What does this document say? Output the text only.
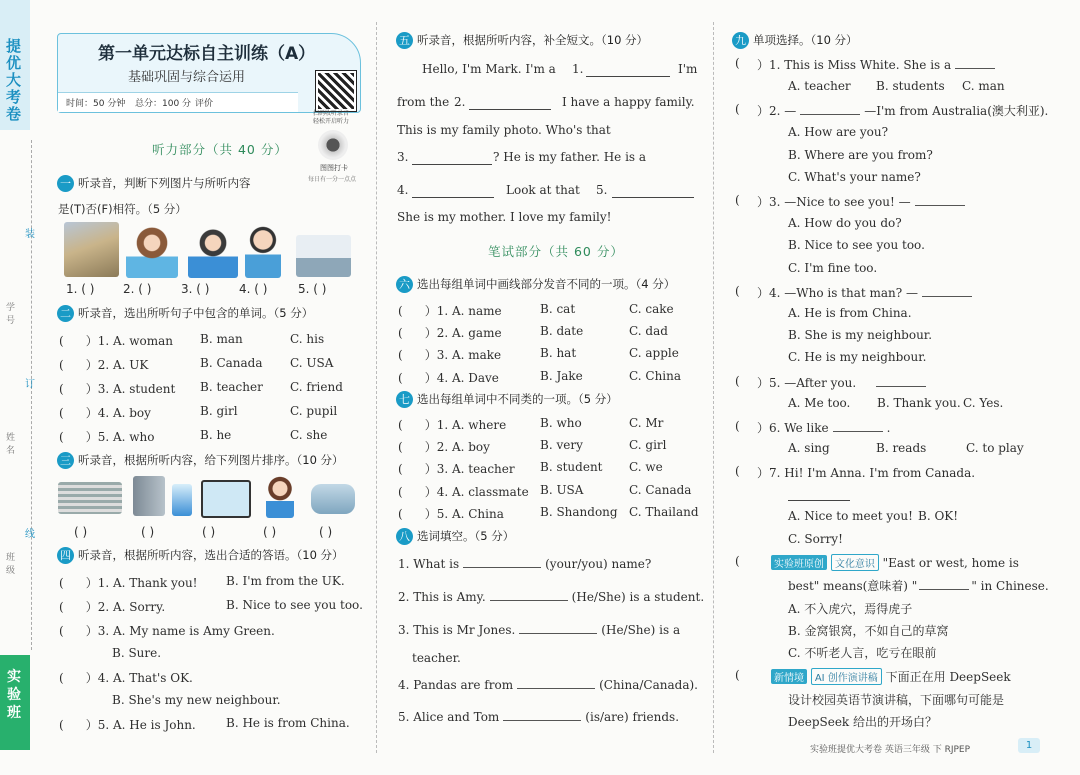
提优大考卷
实验班
学号
姓名
班级
装
订
线
第一单元达标自主训练（A）
基础巩固与综合运用
时间：50 分钟 总分：100 分 评价
扫码收听录音
轻松开启听力
图图打卡
每日有一分一点点
听力部分（共 40 分）
一 听录音，判断下列图片与所听内容
是(T)否(F)相符。（5 分）
1. ( ) 2. ( ) 3. ( ) 4. ( )	5. ( )
二 听录音，选出所听句子中包含的单词。（5 分）
( ）1. A. woman B. man	C. his
( ）2. A. UK	B. Canada C. USA
( ）3. A. student B. teacher C. friend
( ）4. A. boy	B. girl	C. pupil
( ）5. A. who	B. he	C. she
三 听录音，根据所听内容，给下列图片排序。（10 分）
( )	( )	( )	( )	( )
四 听录音，根据所听内容，选出合适的答语。（10 分）
( ）1. A. Thank you! B. I'm from the UK.
( ）2. A. Sorry.	B. Nice to see you too.
( ）3. A. My name is Amy Green.
B. Sure.
( ）4. A. That's OK.
B. She's my new neighbour.
( ）5. A. He is John.	B. He is from China.
五 听录音，根据所听内容，补全短文。（10 分）
Hello, I'm Mark. I'm a 1.	I'm
from the 2.	I have a happy family.
This is my family photo. Who's that
3.	? He is my father. He is a
4.	Look at that 5.
She is my mother. I love my family!
笔试部分（共 60 分）
六 选出每组单词中画线部分发音不同的一项。（4 分）
( ）1. A. name	B. cat	C. cake
( ）2. A. game	B. date	C. dad
( ）3. A. make	B. hat	C. apple
( ）4. A. Dave	B. Jake	C. China
七 选出每组单词中不同类的一项。（5 分）
( ）1. A. where	B. who	C. Mr
( ）2. A. boy	B. very	C. girl
( ）3. A. teacher B. student C. we
( ）4. A. classmate B. USA	C. Canada
( ）5. A. China	B. Shandong C. Thailand
八 选词填空。（5 分）
1. What is	(your/you) name?
2. This is Amy.	(He/She) is a student.
3. This is Mr Jones.	(He/She) is a
teacher.
4. Pandas are from	(China/Canada).
5. Alice and Tom	(is/are) friends.
九 单项选择。（10 分）
( ）1. This is Miss White. She is a
A. teacher B. students C. man
( ）2. —	—I'm from Australia(澳大利亚).
A. How are you?
B. Where are you from?
C. What's your name?
( ）3. —Nice to see you! —
A. How do you do?
B. Nice to see you too.
C. I'm fine too.
( ）4. —Who is that man? —
A. He is from China.
B. She is my neighbour.
C. He is my neighbour.
( ）5. —After you.
A. Me too. B. Thank you. C. Yes.
( ）6. We like	.
A. sing	B. reads	C. to play
( ）7. Hi! I'm Anna. I'm from Canada.
A. Nice to meet you! B. OK!
C. Sorry!
(	实验班原创 文化意识 "East or west, home is
best" means(意味着) "	" in Chinese.
A. 不入虎穴，焉得虎子
B. 金窝银窝，不如自己的草窝
C. 不听老人言，吃亏在眼前
(	新情境 AI 创作演讲稿 下面正在用 DeepSeek
设计校园英语节演讲稿，下面哪句可能是
DeepSeek 给出的开场白？
实验班提优大考卷 英语三年级 下 RJPEP	1
